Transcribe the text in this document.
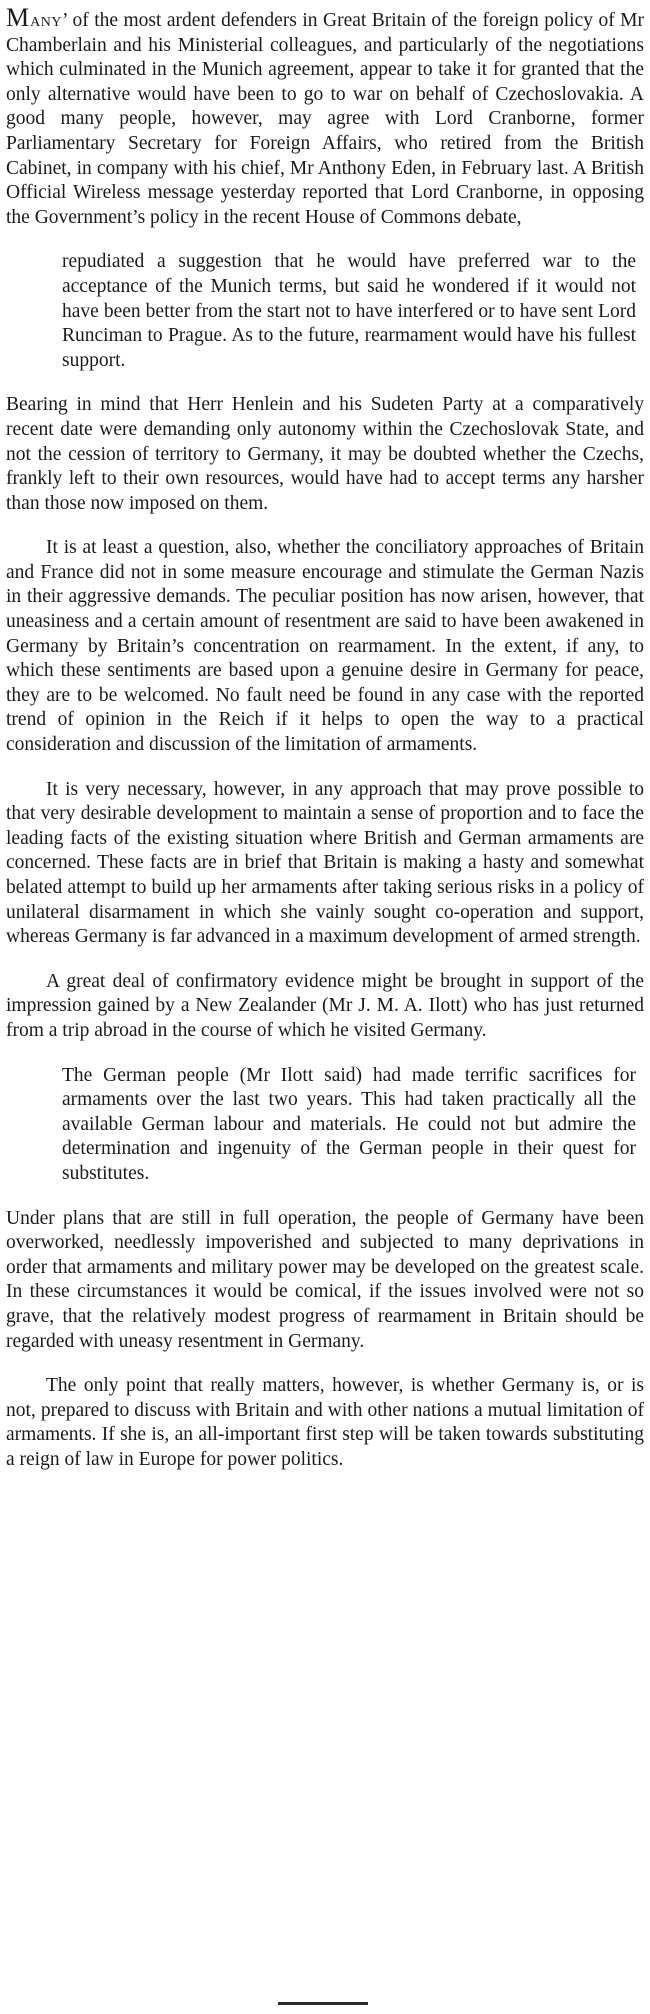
Many’ of the most ardent defenders in Great Britain of the foreign policy of Mr Chamberlain and his Ministerial colleagues, and particularly of the negotiations which culminated in the Munich agreement, appear to take it for granted that the only alternative would have been to go to war on behalf of Czechoslovakia. A good many people, however, may agree with Lord Cranborne, former Parliamentary Secretary for Foreign Affairs, who retired from the British Cabinet, in company with his chief, Mr Anthony Eden, in February last. A British Official Wireless message yesterday reported that Lord Cranborne, in opposing the Government’s policy in the recent House of Commons debate,

repudiated a suggestion that he would have preferred war to the acceptance of the Munich terms, but said he wondered if it would not have been better from the start not to have interfered or to have sent Lord Runciman to Prague. As to the future, rearmament would have his fullest support.

Bearing in mind that Herr Henlein and his Sudeten Party at a comparatively recent date were demanding only autonomy within the Czechoslovak State, and not the cession of territory to Germany, it may be doubted whether the Czechs, frankly left to their own resources, would have had to accept terms any harsher than those now imposed on them.

It is at least a question, also, whether the conciliatory approaches of Britain and France did not in some measure encourage and stimulate the German Nazis in their aggressive demands. The peculiar position has now arisen, however, that uneasiness and a certain amount of resentment are said to have been awakened in Germany by Britain’s concentration on rearmament. In the extent, if any, to which these sentiments are based upon a genuine desire in Germany for peace, they are to be welcomed. No fault need be found in any case with the reported trend of opinion in the Reich if it helps to open the way to a practical consideration and discussion of the limitation of armaments.

It is very necessary, however, in any approach that may prove possible to that very desirable development to maintain a sense of proportion and to face the leading facts of the existing situation where British and German armaments are concerned. These facts are in brief that Britain is making a hasty and somewhat belated attempt to build up her armaments after taking serious risks in a policy of unilateral disarmament in which she vainly sought co-operation and support, whereas Germany is far advanced in a maximum development of armed strength.

A great deal of confirmatory evidence might be brought in support of the impression gained by a New Zealander (Mr J. M. A. Ilott) who has just returned from a trip abroad in the course of which he visited Germany.

The German people (Mr Ilott said) had made terrific sacrifices for armaments over the last two years. This had taken practically all the available German labour and materials. He could not but admire the determination and ingenuity of the German people in their quest for substitutes.

Under plans that are still in full operation, the people of Germany have been overworked, needlessly impoverished and subjected to many deprivations in order that armaments and military power may be developed on the greatest scale. In these circumstances it would be comical, if the issues involved were not so grave, that the relatively modest progress of rearmament in Britain should be regarded with uneasy resentment in Germany.

The only point that really matters, however, is whether Germany is, or is not, prepared to discuss with Britain and with other nations a mutual limitation of armaments. If she is, an all-important first step will be taken towards substituting a reign of law in Europe for power politics.
